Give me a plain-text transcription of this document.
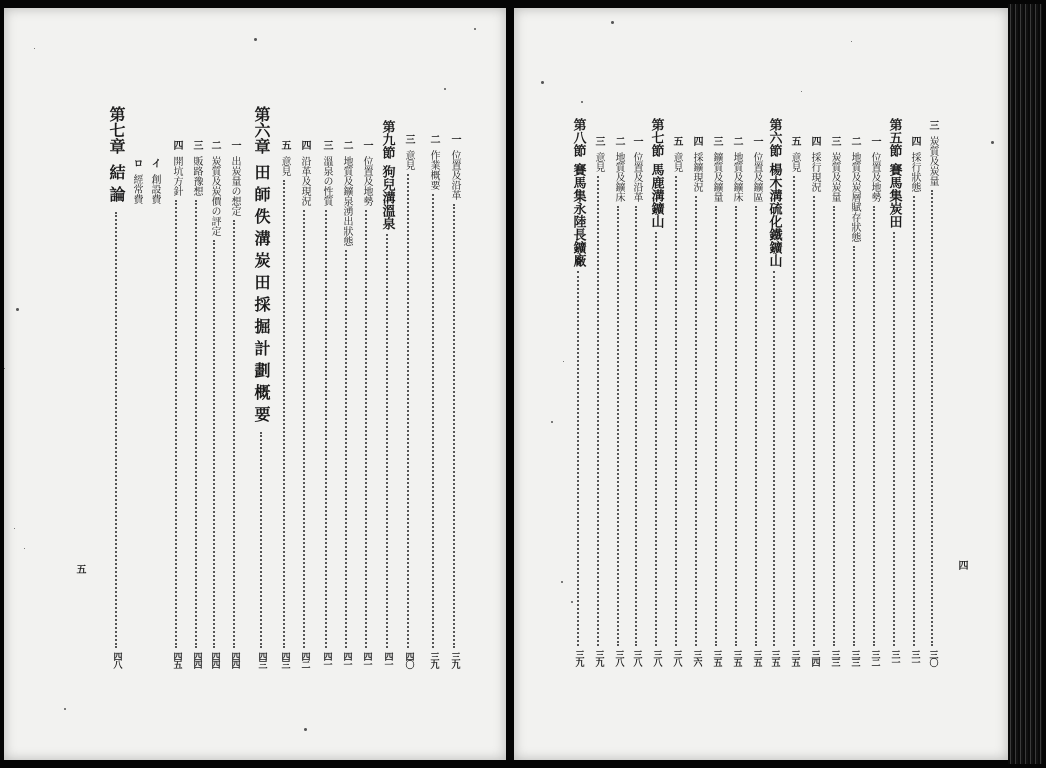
四
三
炭質及炭量
三〇
四
採行狀態
三一
第五節
賽馬集炭田
三一
一
位置及地勢
三二
二
地質及炭層賦存狀態
三三
三
炭質及炭量
三三
四
採行現況
三四
五
意見
三五
第六節
楊木溝硫化鐵鑛山
三五
一
位置及鑛區
三五
二
地質及鑛床
三五
三
鑛質及鑛量
三五
四
採鑛現況
三六
五
意見
三八
第七節
馬鹿溝鑛山
三八
一
位置及沿革
三八
二
地質及鑛床
三八
三
意見
三九
第八節
賽馬集永陸長鑛廠
三九
五
一
位置及沿革
三九
二
作業概要
三九
三
意見
四〇
第九節
狗兒溝溫泉
四一
一
位置及地勢
四一
二
地質及鑛泉湧出狀態
四一
三
溫泉の性質
四一
四
沿革及現況
四二
五
意見
四三
第六章
田師佚溝炭田採掘計劃概要
四三
一
出炭量の想定
四四
二
炭質及炭價の評定
四四
三
販路豫想
四四
四
開坑方針
四五
イ
創設費
ロ
經常費
第七章
結論
四八
